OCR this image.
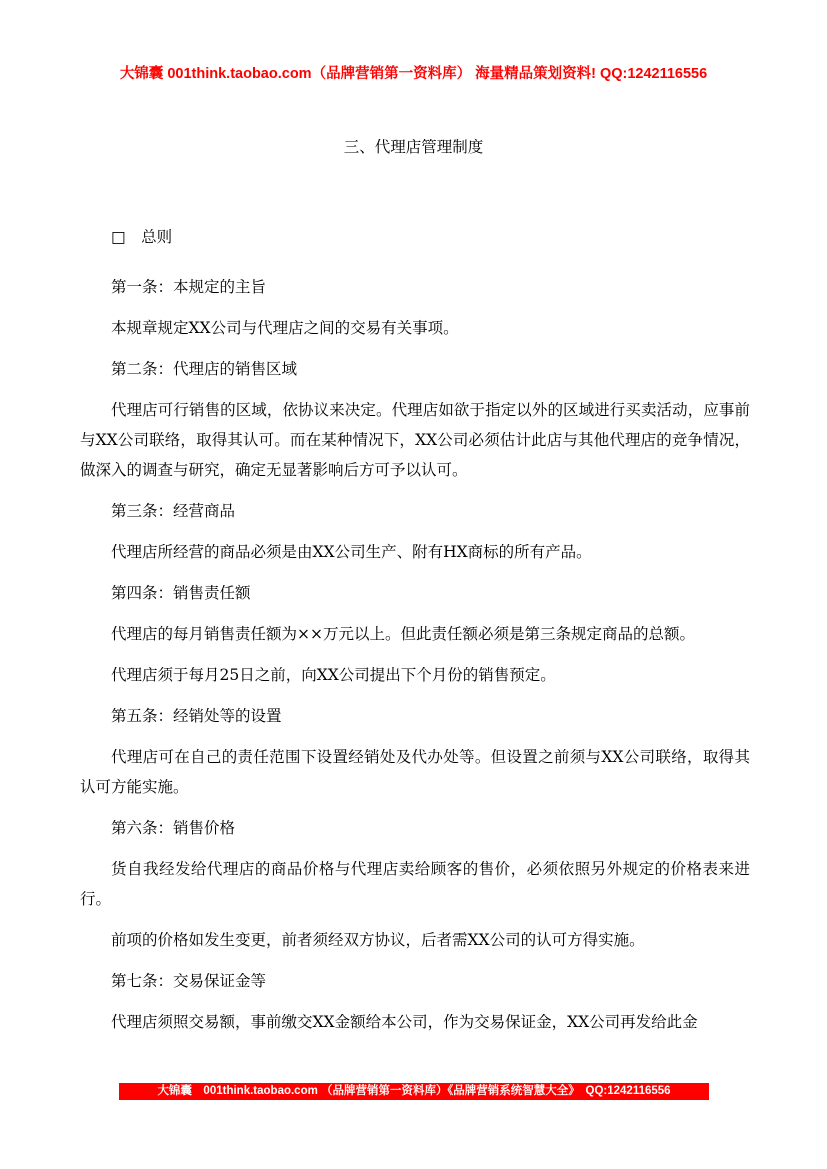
大锦囊 001think.taobao.com（品牌营销第一资料库） 海量精品策划资料! QQ:1242116556
三、代理店管理制度

□　总则

第一条：本规定的主旨

本规章规定XX公司与代理店之间的交易有关事项。

第二条：代理店的销售区域

代理店可行销售的区域，依协议来决定。代理店如欲于指定以外的区域进行买卖活动，应事前与XX公司联络，取得其认可。而在某种情况下，XX公司必须估计此店与其他代理店的竞争情况，做深入的调查与研究，确定无显著影响后方可予以认可。

第三条：经营商品

代理店所经营的商品必须是由XX公司生产、附有HX商标的所有产品。

第四条：销售责任额

代理店的每月销售责任额为××万元以上。但此责任额必须是第三条规定商品的总额。

代理店须于每月25日之前，向XX公司提出下个月份的销售预定。

第五条：经销处等的设置

代理店可在自己的责任范围下设置经销处及代办处等。但设置之前须与XX公司联络，取得其认可方能实施。

第六条：销售价格

货自我经发给代理店的商品价格与代理店卖给顾客的售价，必须依照另外规定的价格表来进行。

前项的价格如发生变更，前者须经双方协议，后者需XX公司的认可方得实施。

第七条：交易保证金等

代理店须照交易额，事前缴交XX金额给本公司，作为交易保证金，XX公司再发给此金

大锦囊　001think.taobao.com （品牌营销第一资料库）《品牌营销系统智慧大全》　QQ:1242116556
